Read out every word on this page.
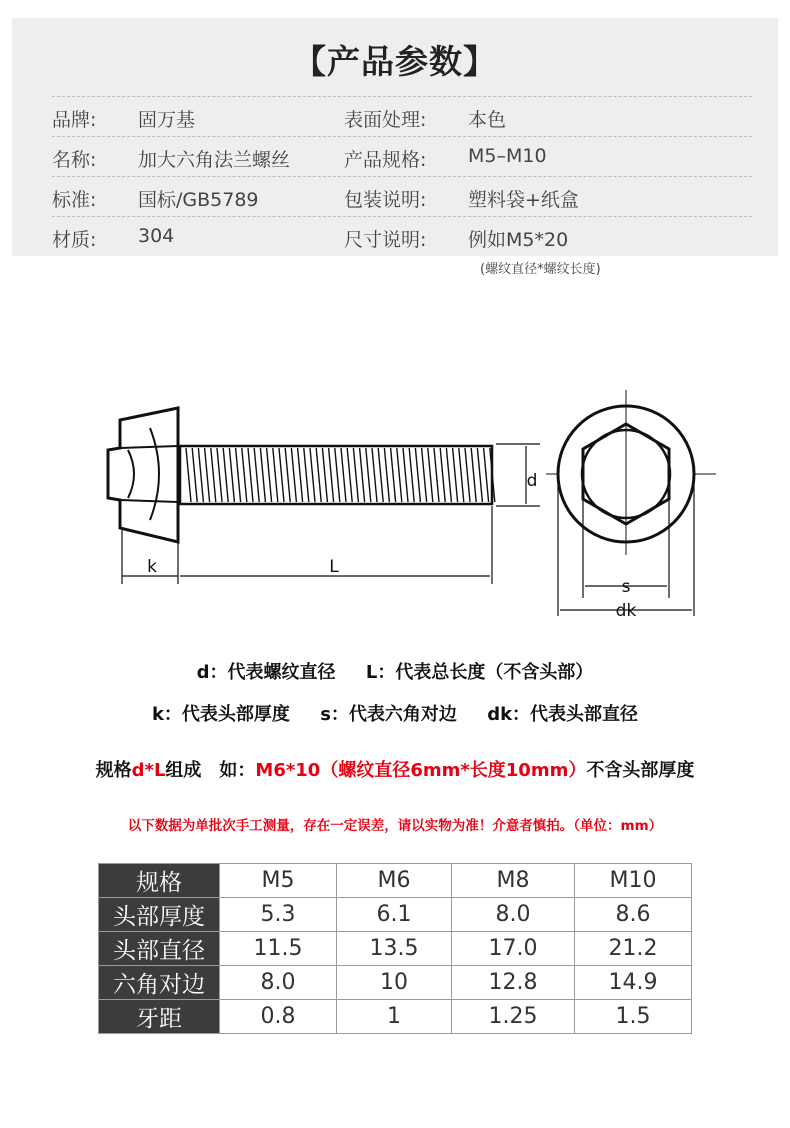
【产品参数】
品牌: 固万基	表面处理: 本色
名称: 加大六角法兰螺丝	产品规格: M5–M10
标准: 国标/GB5789	包装说明: 塑料袋+纸盒
材质: 304	尺寸说明: 例如M5*20
(螺纹直径*螺纹长度)
k	L
d
s
dk
d：代表螺纹直径 L：代表总长度（不含头部）
k：代表头部厚度 s：代表六角对边 dk：代表头部直径
规格d*L组成　如：M6*10（螺纹直径6mm*长度10mm）不含头部厚度
以下数据为单批次手工测量，存在一定误差，请以实物为准！介意者慎拍。（单位：mm）
规格	M5	M6	M8	M10
头部厚度	5.3	6.1	8.0	8.6
头部直径	11.5	13.5	17.0	21.2
六角对边	8.0	10	12.8	14.9
牙距	0.8	1	1.25	1.5
